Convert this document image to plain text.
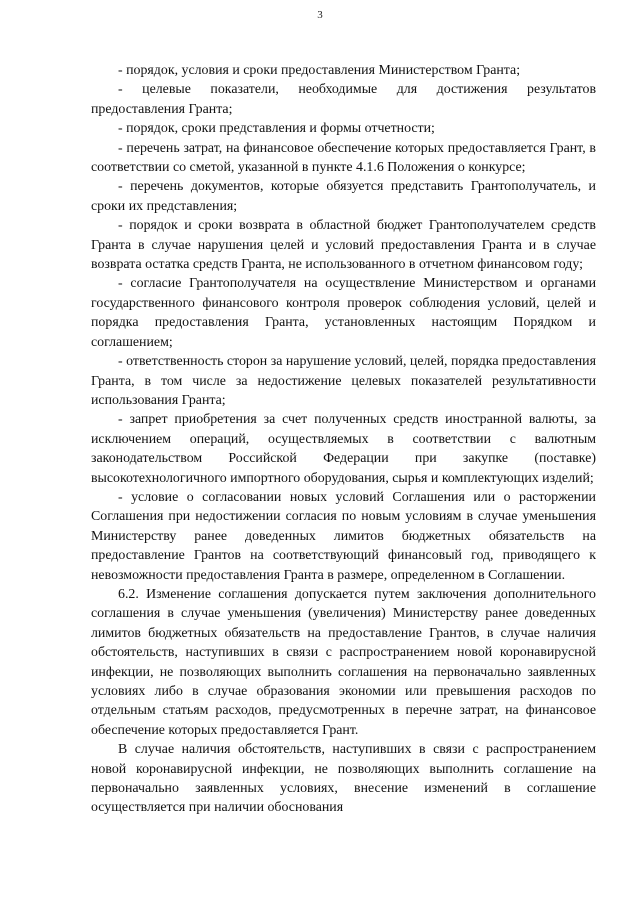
3

- порядок, условия и сроки предоставления Министерством Гранта;

- целевые показатели, необходимые для достижения результатов предоставления Гранта;

- порядок, сроки представления и формы отчетности;

- перечень затрат, на финансовое обеспечение которых предоставляется Грант, в соответствии со сметой, указанной в пункте 4.1.6 Положения о конкурсе;

- перечень документов, которые обязуется представить Грантополучатель, и сроки их представления;

- порядок и сроки возврата в областной бюджет Грантополучателем средств Гранта в случае нарушения целей и условий предоставления Гранта и в случае возврата остатка средств Гранта, не использованного в отчетном финансовом году;

- согласие Грантополучателя на осуществление Министерством и органами государственного финансового контроля проверок соблюдения условий, целей и порядка предоставления Гранта, установленных настоящим Порядком и соглашением;

- ответственность сторон за нарушение условий, целей, порядка предоставления Гранта, в том числе за недостижение целевых показателей результативности использования Гранта;

- запрет приобретения за счет полученных средств иностранной валюты, за исключением операций, осуществляемых в соответствии с валютным законодательством Российской Федерации при закупке (поставке) высокотехнологичного импортного оборудования, сырья и комплектующих изделий;

- условие о согласовании новых условий Соглашения или о расторжении Соглашения при недостижении согласия по новым условиям в случае уменьшения Министерству ранее доведенных лимитов бюджетных обязательств на предоставление Грантов на соответствующий финансовый год, приводящего к невозможности предоставления Гранта в размере, определенном в Соглашении.

6.2. Изменение соглашения допускается путем заключения дополнительного соглашения в случае уменьшения (увеличения) Министерству ранее доведенных лимитов бюджетных обязательств на предоставление Грантов, в случае наличия обстоятельств, наступивших в связи с распространением новой коронавирусной инфекции, не позволяющих выполнить соглашения на первоначально заявленных условиях либо в случае образования экономии или превышения расходов по отдельным статьям расходов, предусмотренных в перечне затрат, на финансовое обеспечение которых предоставляется Грант.

В случае наличия обстоятельств, наступивших в связи с распространением новой коронавирусной инфекции, не позволяющих выполнить соглашение на первоначально заявленных условиях, внесение изменений в соглашение осуществляется при наличии обоснования
